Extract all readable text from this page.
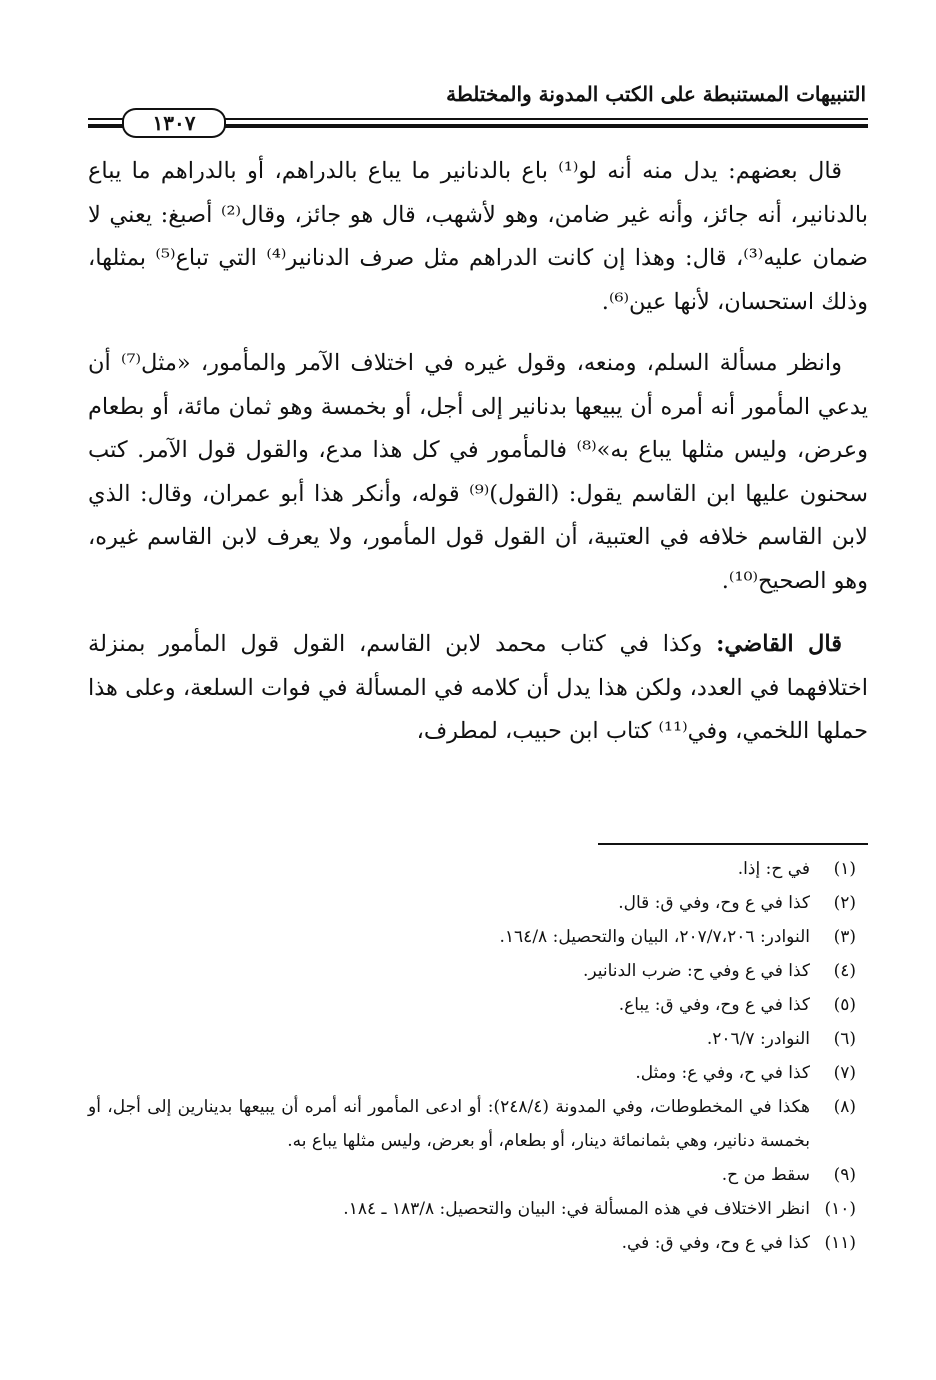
التنبيهات المستنبطة على الكتب المدونة والمختلطة
١٣٠٧

قال بعضهم: يدل منه أنه لو⁽¹⁾ باع بالدنانير ما يباع بالدراهم، أو بالدراهم ما يباع بالدنانير، أنه جائز، وأنه غير ضامن، وهو لأشهب، قال هو جائز، وقال⁽²⁾ أصبغ: يعني لا ضمان عليه⁽³⁾، قال: وهذا إن كانت الدراهم مثل صرف الدنانير⁽⁴⁾ التي تباع⁽⁵⁾ بمثلها، وذلك استحسان، لأنها عين⁽⁶⁾.

وانظر مسألة السلم، ومنعه، وقول غيره في اختلاف الآمر والمأمور، «مثل⁽⁷⁾ أن يدعي المأمور أنه أمره أن يبيعها بدنانير إلى أجل، أو بخمسة وهو ثمان مائة، أو بطعام وعرض، وليس مثلها يباع به»⁽⁸⁾ فالمأمور في كل هذا مدع، والقول قول الآمر. كتب سحنون عليها ابن القاسم يقول: (القول)⁽⁹⁾ قوله، وأنكر هذا أبو عمران، وقال: الذي لابن القاسم خلافه في العتبية، أن القول قول المأمور، ولا يعرف لابن القاسم غيره، وهو الصحيح⁽¹⁰⁾.

قال القاضي: وكذا في كتاب محمد لابن القاسم، القول قول المأمور بمنزلة اختلافهما في العدد، ولكن هذا يدل أن كلامه في المسألة في فوات السلعة، وعلى هذا حملها اللخمي، وفي⁽¹¹⁾ كتاب ابن حبيب، لمطرف،

(١)
في ح: إذا.
(٢)
كذا في ع وح، وفي ق: قال.
(٣)
النوادر: ٢٠٧/٧،٢٠٦، البيان والتحصيل: ١٦٤/٨.
(٤)
كذا في ع وفي ح: ضرب الدنانير.
(٥)
كذا في ع وح، وفي ق: يباع.
(٦)
النوادر: ٢٠٦/٧.
(٧)
كذا في ح، وفي ع: ومثل.
(٨)
هكذا في المخطوطات، وفي المدونة (٢٤٨/٤): أو ادعى المأمور أنه أمره أن يبيعها بدينارين إلى أجل، أو بخمسة دنانير، وهي بثمانمائة دينار، أو بطعام، أو بعرض، وليس مثلها يباع به.
(٩)
سقط من ح.
(١٠)
انظر الاختلاف في هذه المسألة في: البيان والتحصيل: ١٨٣/٨ ـ ١٨٤.
(١١)
كذا في ع وح، وفي ق: في.
